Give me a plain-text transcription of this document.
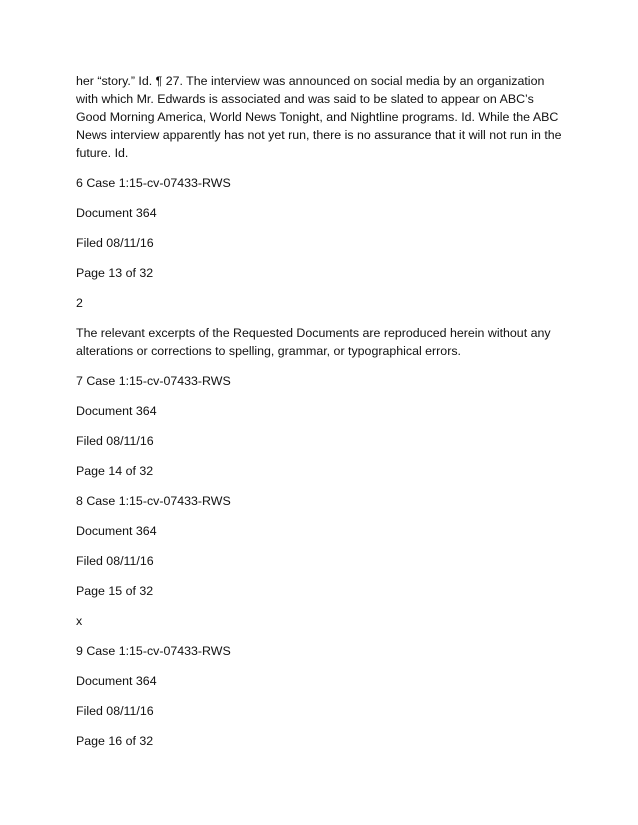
her “story.” Id. ¶ 27. The interview was announced on social media by an organization with which Mr. Edwards is associated and was said to be slated to appear on ABC’s Good Morning America, World News Tonight, and Nightline programs. Id. While the ABC News interview apparently has not yet run, there is no assurance that it will not run in the future. Id.

6 Case 1:15-cv-07433-RWS

Document 364

Filed 08/11/16

Page 13 of 32

2

The relevant excerpts of the Requested Documents are reproduced herein without any alterations or corrections to spelling, grammar, or typographical errors.

7 Case 1:15-cv-07433-RWS

Document 364

Filed 08/11/16

Page 14 of 32

8 Case 1:15-cv-07433-RWS

Document 364

Filed 08/11/16

Page 15 of 32

x

9 Case 1:15-cv-07433-RWS

Document 364

Filed 08/11/16

Page 16 of 32
